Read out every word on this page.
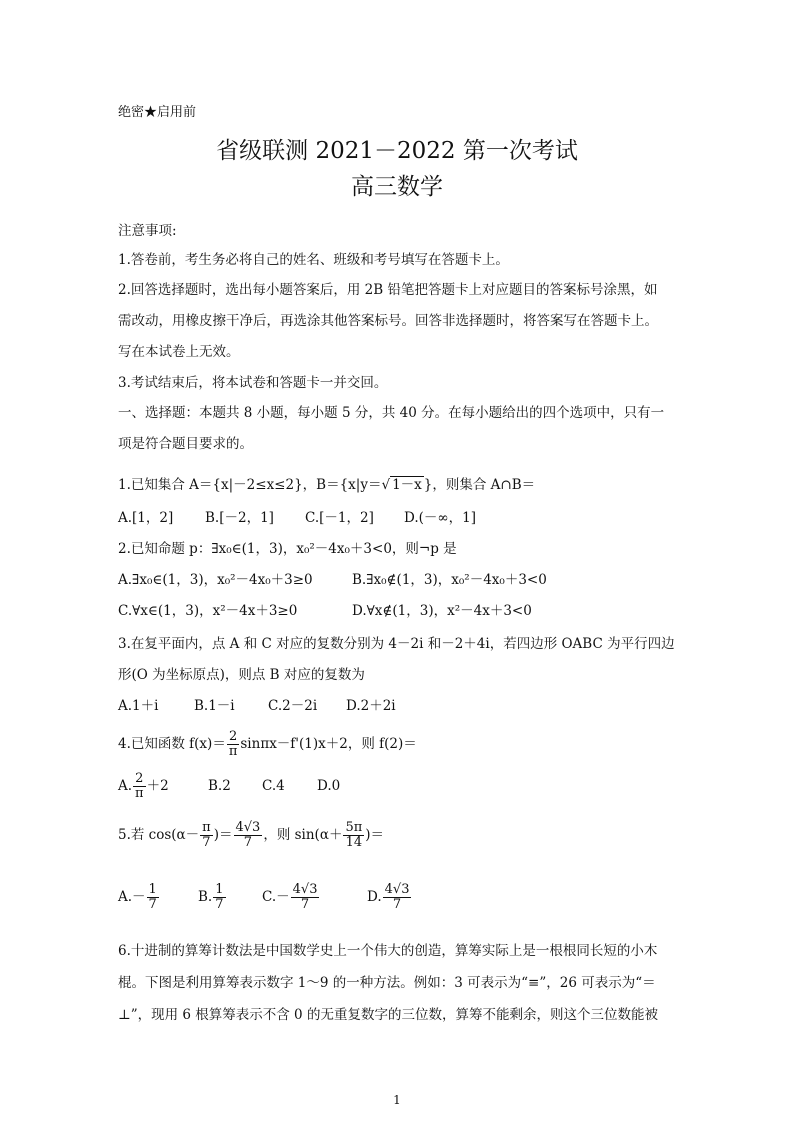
绝密★启用前
省级联测 2021－2022 第一次考试
高三数学
注意事项:
1.答卷前，考生务必将自己的姓名、班级和考号填写在答题卡上。
2.回答选择题时，选出每小题答案后，用 2B 铅笔把答题卡上对应题目的答案标号涂黑，如
需改动，用橡皮擦干净后，再选涂其他答案标号。回答非选择题时，将答案写在答题卡上。
写在本试卷上无效。
3.考试结束后，将本试卷和答题卡一并交回。
一、选择题：本题共 8 小题，每小题 5 分，共 40 分。在每小题给出的四个选项中，只有一
项是符合题目要求的。
1.已知集合 A＝{x|－2≤x≤2}，B＝{x|y＝√ 1－x }，则集合 A∩B＝
A.[1，2] B.[－2，1] C.[－1，2] D.(－∞，1]
2.已知命题 p：∃x₀∈(1，3)，x₀²－4x₀＋3<0，则¬p 是
A.∃x₀∈(1，3)，x₀²－4x₀＋3≥0	B.∃x₀∉(1，3)，x₀²－4x₀＋3<0
C.∀x∈(1，3)，x²－4x＋3≥0	D.∀x∉(1，3)，x²－4x＋3<0
3.在复平面内，点 A 和 C 对应的复数分别为 4－2i 和－2＋4i，若四边形 OABC 为平行四边
形(O 为坐标原点)，则点 B 对应的复数为
A.1＋i	B.1－i C.2－2i D.2＋2i
4.已知函数 $f(x)= \frac{2}{\pi} \sin\pi x-f'(1)x+2$，则 f(2)＝
A. $\frac{2}{\pi} +2$	B.2 C.4 D.0
5.若 $\cos(\alpha- \frac{\pi}{7}$ )＝ $\frac{4√3}{7}$ ，则 $\sin(\alpha+ \frac{5\pi}{14}$ )＝
$A.- \frac{1}{7}$	B. $\frac{1}{7}$	$C.- \frac{4√3}{7}$	D. $\frac{4√3}{7}$
6.十进制的算筹计数法是中国数学史上一个伟大的创造，算筹实际上是一根根同长短的小木
棍。下图是利用算筹表示数字 1～9 的一种方法。例如：3 可表示为“≡”，26 可表示为“＝
⊥”，现用 6 根算筹表示不含 0 的无重复数字的三位数，算筹不能剩余，则这个三位数能被
1
